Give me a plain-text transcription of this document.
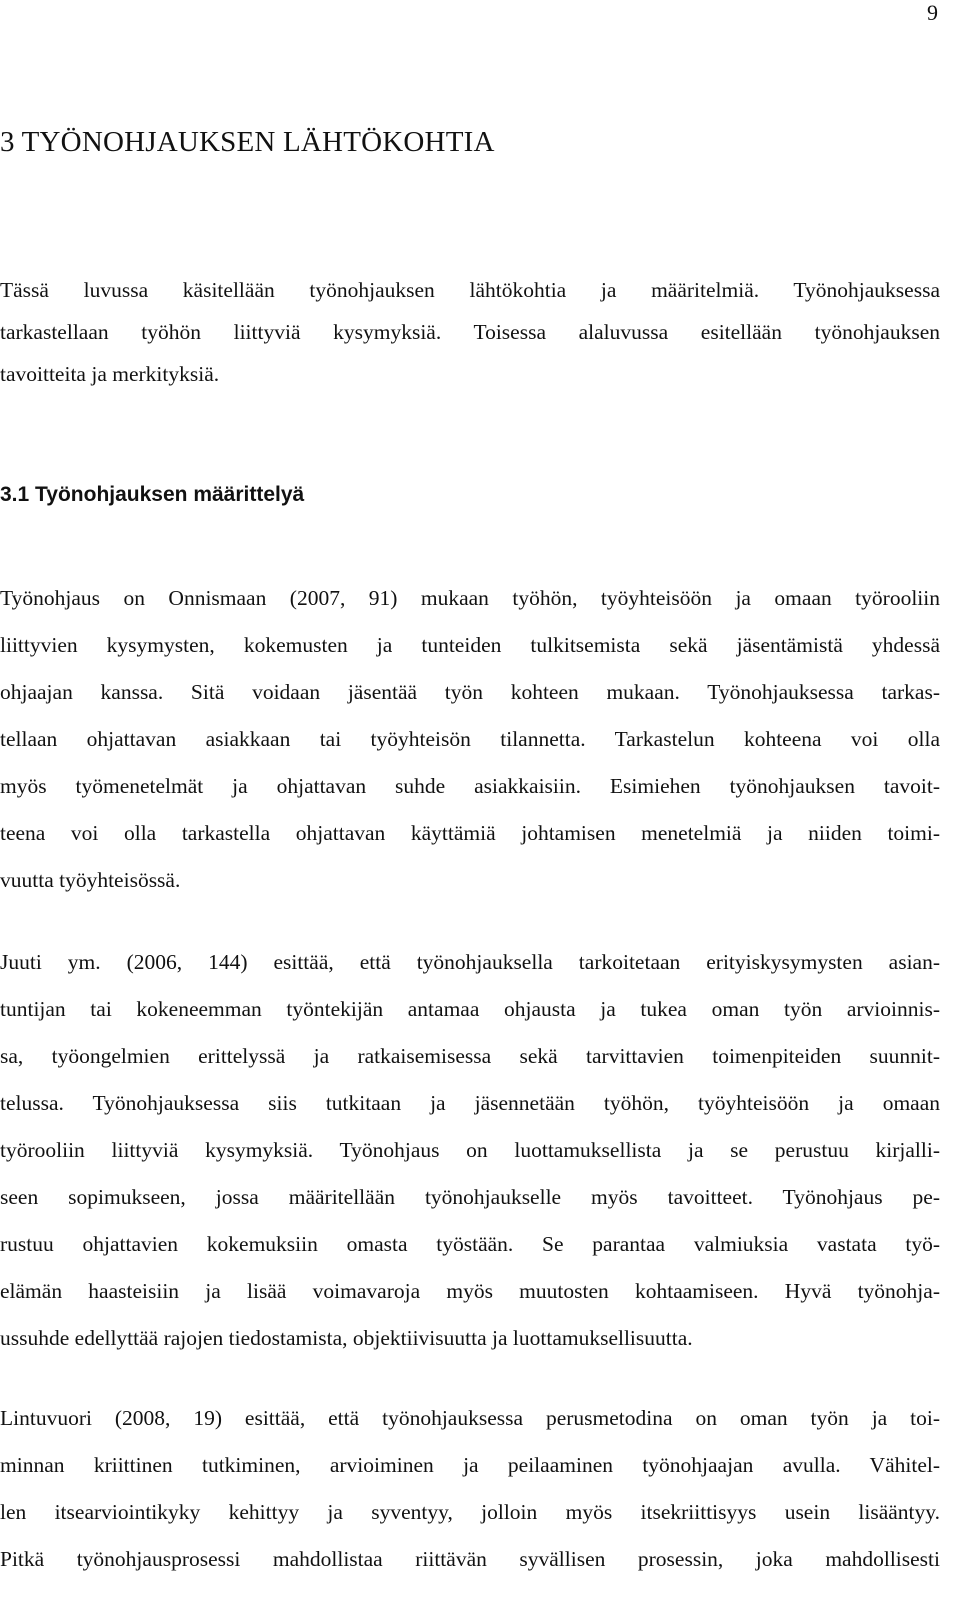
9
3 TYÖNOHJAUKSEN LÄHTÖKOHTIA
Tässä luvussa käsitellään työnohjauksen lähtökohtia ja määritelmiä. Työnohjauksessa
tarkastellaan työhön liittyviä kysymyksiä. Toisessa alaluvussa esitellään työnohjauksen
tavoitteita ja merkityksiä.
3.1 Työnohjauksen määrittelyä
Työnohjaus on Onnismaan (2007, 91) mukaan työhön, työyhteisöön ja omaan työrooliin
liittyvien kysymysten, kokemusten ja tunteiden tulkitsemista sekä jäsentämistä yhdessä
ohjaajan kanssa. Sitä voidaan jäsentää työn kohteen mukaan. Työnohjauksessa tarkas-
tellaan ohjattavan asiakkaan tai työyhteisön tilannetta. Tarkastelun kohteena voi olla
myös työmenetelmät ja ohjattavan suhde asiakkaisiin. Esimiehen työnohjauksen tavoit-
teena voi olla tarkastella ohjattavan käyttämiä johtamisen menetelmiä ja niiden toimi-
vuutta työyhteisössä.
Juuti ym. (2006, 144) esittää, että työnohjauksella tarkoitetaan erityiskysymysten asian-
tuntijan tai kokeneemman työntekijän antamaa ohjausta ja tukea oman työn arvioinnis-
sa, työongelmien erittelyssä ja ratkaisemisessa sekä tarvittavien toimenpiteiden suunnit-
telussa. Työnohjauksessa siis tutkitaan ja jäsennetään työhön, työyhteisöön ja omaan
työrooliin liittyviä kysymyksiä. Työnohjaus on luottamuksellista ja se perustuu kirjalli-
seen sopimukseen, jossa määritellään työnohjaukselle myös tavoitteet. Työnohjaus pe-
rustuu ohjattavien kokemuksiin omasta työstään. Se parantaa valmiuksia vastata työ-
elämän haasteisiin ja lisää voimavaroja myös muutosten kohtaamiseen. Hyvä työnohja-
ussuhde edellyttää rajojen tiedostamista, objektiivisuutta ja luottamuksellisuutta.
Lintuvuori (2008, 19) esittää, että työnohjauksessa perusmetodina on oman työn ja toi-
minnan kriittinen tutkiminen, arvioiminen ja peilaaminen työnohjaajan avulla. Vähitel-
len itsearviointikyky kehittyy ja syventyy, jolloin myös itsekriittisyys usein lisääntyy.
Pitkä työnohjausprosessi mahdollistaa riittävän syvällisen prosessin, joka mahdollisesti
